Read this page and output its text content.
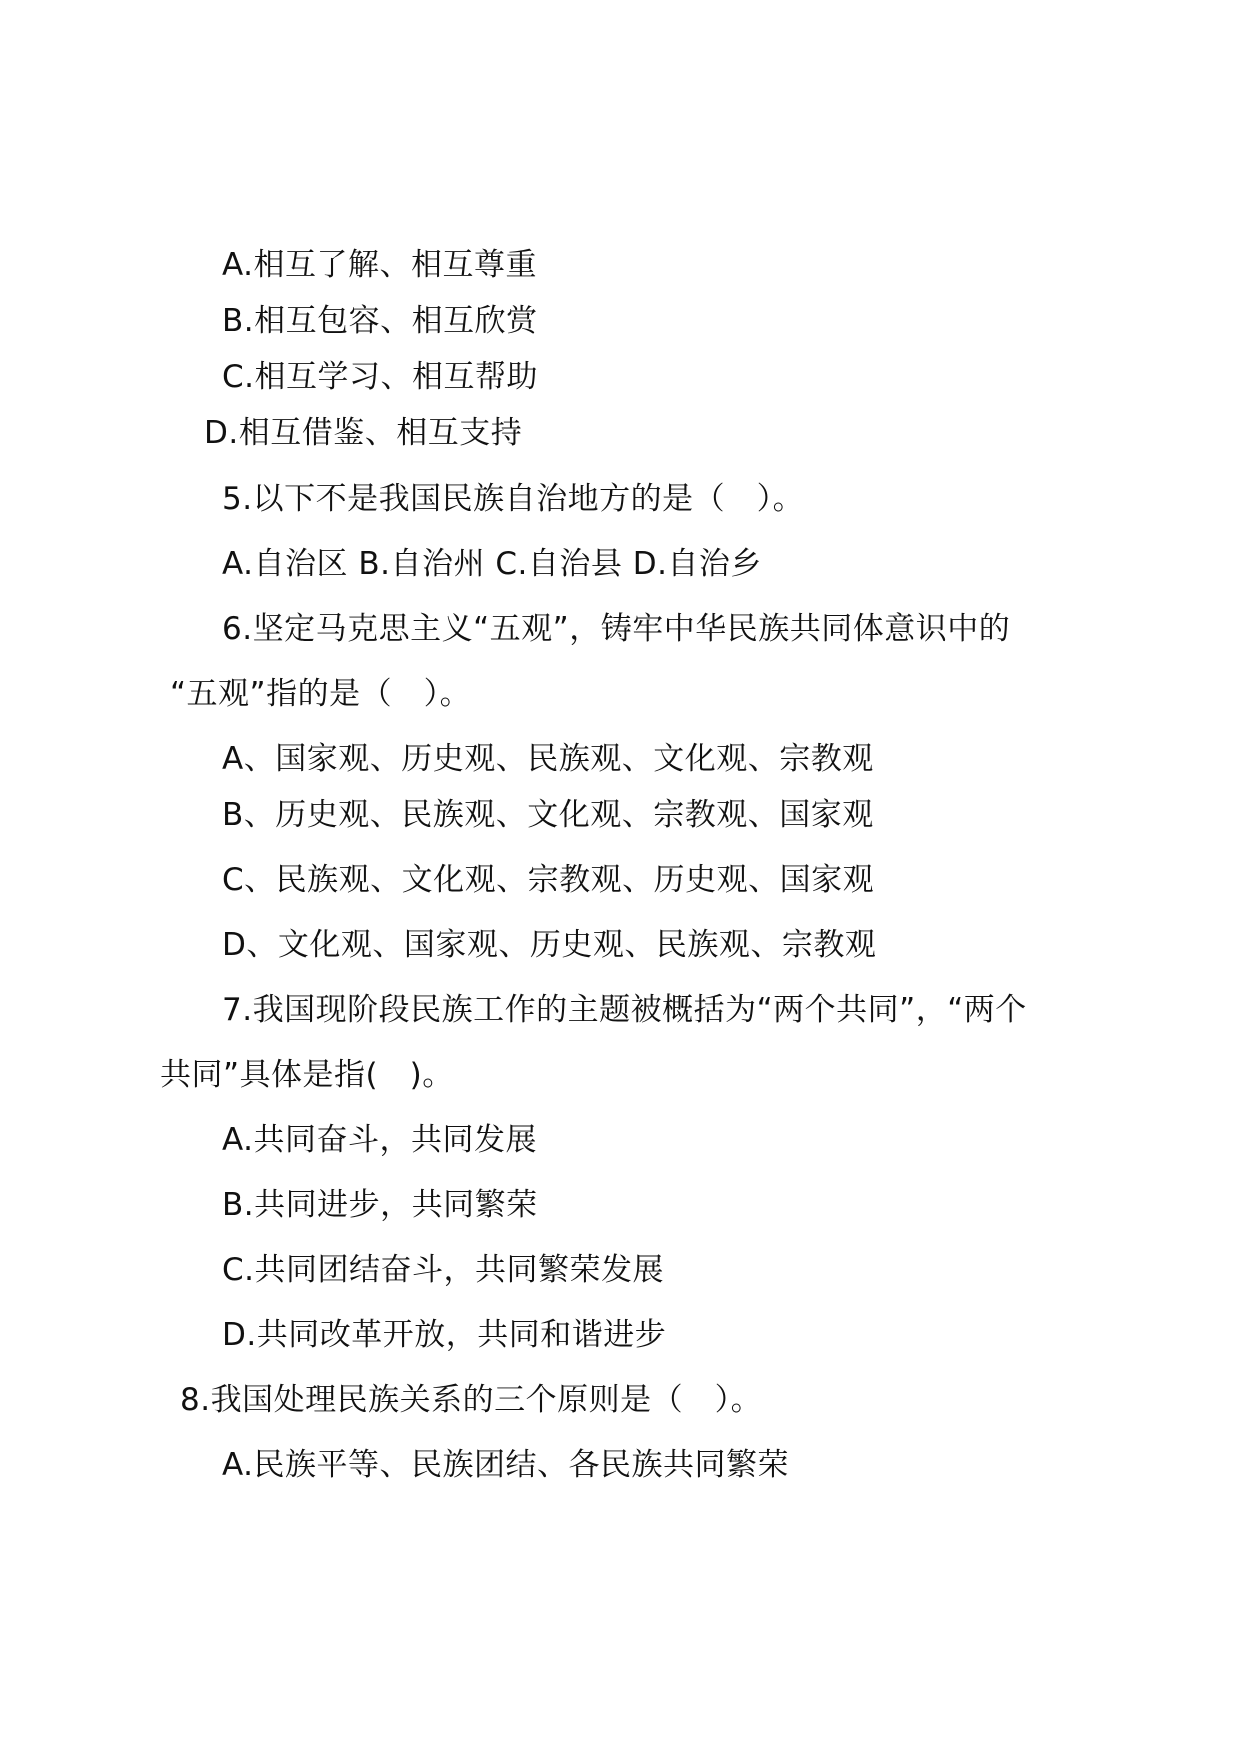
A.相互了解、相互尊重
B.相互包容、相互欣赏
C.相互学习、相互帮助
D.相互借鉴、相互支持
5.以下不是我国民族自治地方的是（　）。
A.自治区 B.自治州 C.自治县 D.自治乡
6.坚定马克思主义“五观”，铸牢中华民族共同体意识中的
“五观”指的是（　）。
A、国家观、历史观、民族观、文化观、宗教观
B、历史观、民族观、文化观、宗教观、国家观
C、民族观、文化观、宗教观、历史观、国家观
D、文化观、国家观、历史观、民族观、宗教观
7.我国现阶段民族工作的主题被概括为“两个共同”，“两个
共同”具体是指(　)。
A.共同奋斗，共同发展
B.共同进步，共同繁荣
C.共同团结奋斗，共同繁荣发展
D.共同改革开放，共同和谐进步
8.我国处理民族关系的三个原则是（　）。
A.民族平等、民族团结、各民族共同繁荣
